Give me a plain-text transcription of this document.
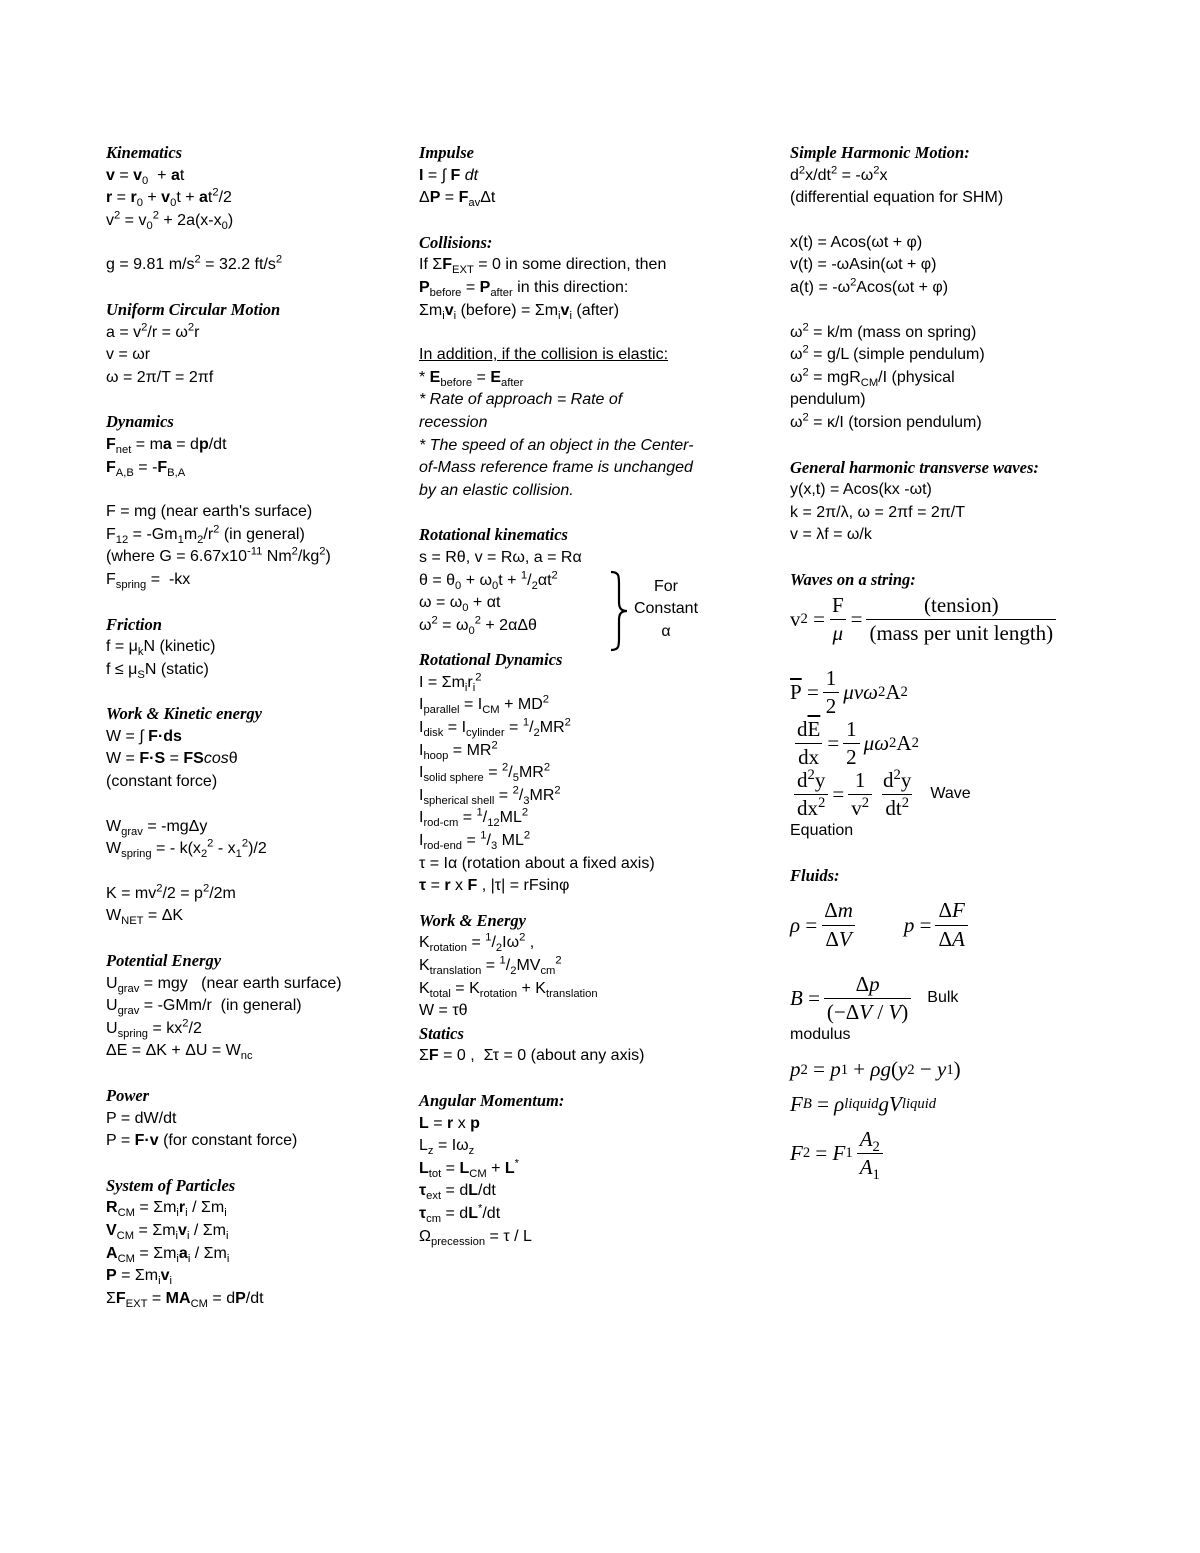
Kinematics
$v = v_0$  + at
$r = r_0 + v_0t + at^2/2$
$v^2 = v_0^2 + 2a(x-x_0)$
g = 9.81 $m/s^2 = 32.2$ $ft/s^2$
Uniform Circular Motion
$a = v^2/r = \omega^2r$
v = ωr
ω = 2π/T = 2πf
Dynamics
$F_{net}$ = ma = dp/dt
$F_{A,B} = -F_{B,A}$
F = mg (near earth's surface)
$F_{12} = -Gm_1m_2/r^2$ (in general)
(where $G = 6.67x10^{-11}$ $Nm^2/kg^2$)
$F_{spring} = -kx$
Friction
$f = \mu_kN$ (kinetic)
$f \le \mu_SN$ (static)
Work & Kinetic energy
W = ∫ F·ds
W = F·S = FScosθ
(constant force)
$W_{grav} = -mg\Delta y$
$W_{spring}$ = - $k(x_2^2 - x_1^2)/2$
$K = mv^2/2 = p^2/2m$
$W_{NET} = \Delta K$
Potential Energy
$U_{grav}$ = mgy   (near earth surface)
$U_{grav} = -GMm/r$  (in general)
$U_{spring} = kx^2/2$
$\Delta E = \Delta K + \Delta U = W_{nc}$
Power
P = dW/dt
P = F·v (for constant force)
System of Particles
$R_{CM} = \Sigma m_ir_i / \Sigma m_i$
$V_{CM} = \Sigma m_iv_i / \Sigma m_i$
$A_{CM} = \Sigma m_ia_i / \Sigma m_i$
$P = \Sigma m_iv_i$
$\Sigma F_{EXT} = MA_{CM} = dP/dt$
Impulse
I = ∫ F dt
$\Delta P = F_{av}\Delta t$
Collisions:
If $\Sigma F_{EXT} = 0$ in some direction, then
$P_{before} = P_{after}$ in this direction:
$\Sigma m_iv_i$ (before) = $\Sigma m_iv_i$ (after)
In addition, if the collision is elastic:
* $E_{before} = E_{after}$
* Rate of approach = Rate of recession
* The speed of an object in the Center-of-Mass reference frame is unchanged by an elastic collision.
Rotational kinematics
s = Rθ, v = Rω, a = Rα
$\theta = \theta_0 + \omega_0t + ^1/_2\alpha t^2$
$\omega = \omega_0 + \alpha t$
$\omega^2 = \omega_0^2 + 2\alpha\Delta\theta$
For
Constant
α
Rotational Dynamics
$I = \Sigma m_ir_i^2$
$I_{parallel} = I_{CM} + MD^2$
$I_{disk} = I_{cylinder} = ^1/_2MR^2$
$I_{hoop} = MR^2$
$I_{solid sphere} = ^2/_5MR^2$
$I_{spherical shell} = ^2/_3MR^2$
$I_{rod-cm} = ^1/_{12}ML^2$
$I_{rod-end} = ^1/_3$ $ML^2$
τ = Iα (rotation about a fixed axis)
τ = r x F , |τ| = rFsinφ
Work & Energy
$K_{rotation} = ^1/_2I\omega^2$ ,
$K_{translation} = ^1/_2MV_{cm}^2$
$K_{total} = K_{rotation} + K_{translation}$
W = τθ
Statics
ΣF = 0 ,  Στ = 0 (about any axis)
Angular Momentum:
L = r x p
$L_z = I\omega_z$
$L_{tot} = L_{CM} + L^*$
$\tau_{ext} = dL/dt$
$\tau_{cm} = dL^*/dt$
$\Omega_{precession} = \tau / L$
Simple Harmonic Motion:
$d^2x/dt^2 = -\omega^2x$
(differential equation for SHM)
x(t) = Acos(ωt + φ)
v(t) = -ωAsin(ωt + φ)
$a(t) = -\omega^2Acos(\omega t + \varphi)$
$\omega^2 = k/m$ (mass on spring)
$\omega^2 = g/L$ (simple pendulum)
$\omega^2 = mgR_{CM}/I$ (physical pendulum)
$\omega^2 = \kappa/I$ (torsion pendulum)
General harmonic transverse waves:
y(x,t) = Acos(kx -ωt)
k = 2π/λ, ω = 2πf = 2π/T
v = λf = ω/k
Waves on a string:
v $2 = \frac{F}{\mu} = \frac{\text{(tension)}}{\text{(mass per unit length)}}$
$\overline{P} = \frac{1}{2}$ μvω 2 A 2
$\frac{d\overline{E}}{dx} = \frac{1}{2}$ μω 2 A 2
$\frac{d^2y}{dx^2} = \frac{1}{v^2} \frac{d^2y}{dt^2}$ Wave
Equation
Fluids:
$\rho = \frac{\Delta m}{\Delta V}$ $p = \frac{\Delta F}{\Delta A}$
$B = \frac{\Delta p}{(-\Delta V / V)}$ Bulk
modulus
p 2 = p 1 + ρg ( y 2 − y 1 )
F B = ρ liquid gV liquid
F 2 = F $1 \frac{A_2}{A_1}$
